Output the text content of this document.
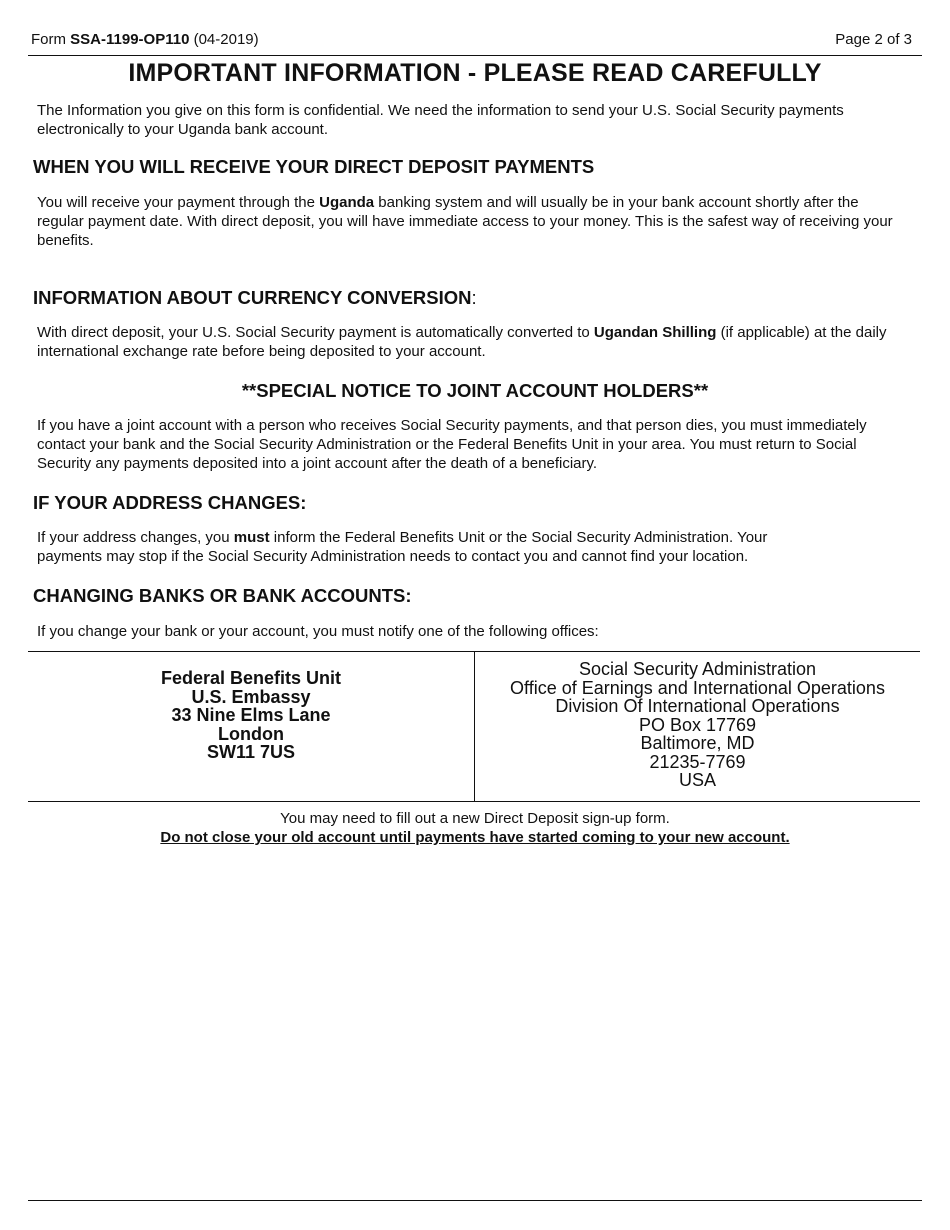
Form SSA-1199-OP110 (04-2019)	Page 2 of 3
IMPORTANT INFORMATION - PLEASE READ CAREFULLY
The Information you give on this form is confidential. We need the information to send your U.S. Social Security payments electronically to your Uganda bank account.
WHEN YOU WILL RECEIVE YOUR DIRECT DEPOSIT PAYMENTS
You will receive your payment through the Uganda banking system and will usually be in your bank account shortly after the regular payment date. With direct deposit, you will have immediate access to your money. This is the safest way of receiving your benefits.
INFORMATION ABOUT CURRENCY CONVERSION:
With direct deposit, your U.S. Social Security payment is automatically converted to Ugandan Shilling (if applicable) at the daily international exchange rate before being deposited to your account.
**SPECIAL NOTICE TO JOINT ACCOUNT HOLDERS**
If you have a joint account with a person who receives Social Security payments, and that person dies, you must immediately contact your bank and the Social Security Administration or the Federal Benefits Unit in your area. You must return to Social Security any payments deposited into a joint account after the death of a beneficiary.
IF YOUR ADDRESS CHANGES:
If your address changes, you must inform the Federal Benefits Unit or the Social Security Administration. Your
payments may stop if the Social Security Administration needs to contact you and cannot find your location.
CHANGING BANKS OR BANK ACCOUNTS:
If you change your bank or your account, you must notify one of the following offices:
Federal Benefits Unit
U.S. Embassy
33 Nine Elms Lane
London
SW11 7US
Social Security Administration
Office of Earnings and International Operations
Division Of International Operations
PO Box 17769
Baltimore, MD
21235-7769
USA
You may need to fill out a new Direct Deposit sign-up form.
Do not close your old account until payments have started coming to your new account.
